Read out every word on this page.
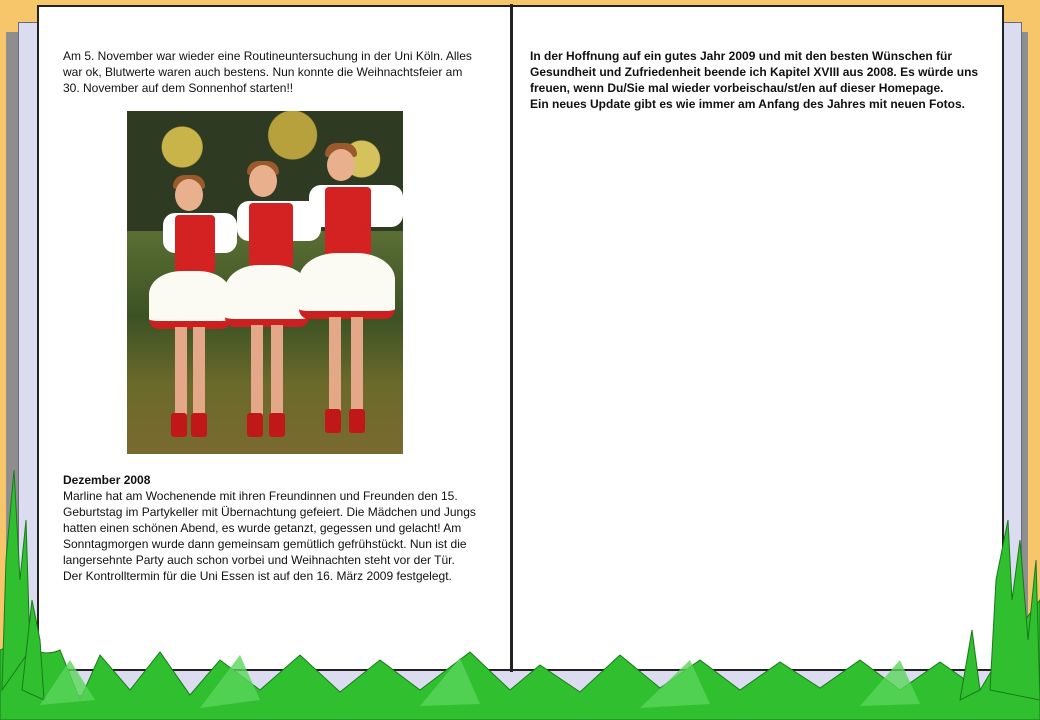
Am 5. November war wieder eine Routineuntersuchung in der Uni Köln. Alles war ok, Blutwerte waren auch bestens. Nun konnte die Weihnachtsfeier am 30. November auf dem Sonnenhof starten!!
Dezember 2008
Marline hat am Wochenende mit ihren Freundinnen und Freunden den 15. Geburtstag im Partykeller mit Übernachtung gefeiert. Die Mädchen und Jungs hatten einen schönen Abend, es wurde getanzt, gegessen und gelacht! Am Sonntagmorgen wurde dann gemeinsam gemütlich gefrühstückt. Nun ist die langersehnte Party auch schon vorbei und Weihnachten steht vor der Tür.
Der Kontrolltermin für die Uni Essen ist auf den 16. März 2009 festgelegt.
In der Hoffnung auf ein gutes Jahr 2009 und mit den besten Wünschen für Gesundheit und Zufriedenheit beende ich Kapitel XVIII aus 2008. Es würde uns freuen, wenn Du/Sie mal wieder vorbeischau/st/en auf dieser Homepage.
Ein neues Update gibt es wie immer am Anfang des Jahres mit neuen Fotos.
